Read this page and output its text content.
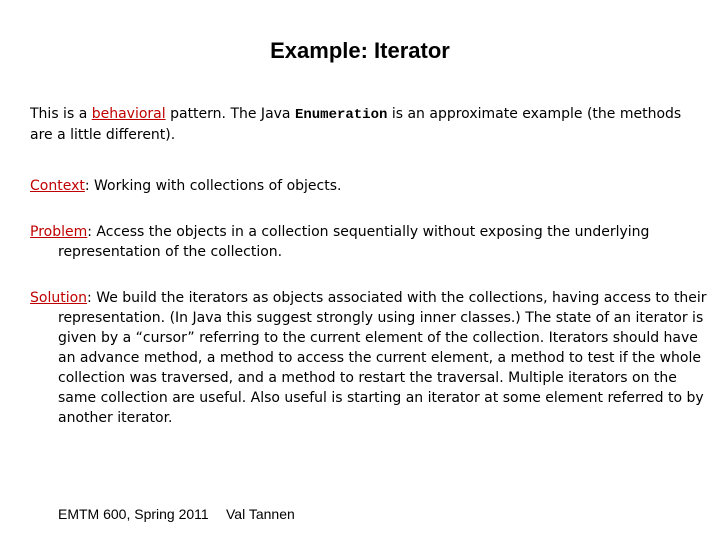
Example: Iterator

This is a behavioral pattern. The Java Enumeration is an approximate example (the methods are a little different).

Context: Working with collections of objects.

Problem: Access the objects in a collection sequentially without exposing the underlying representation of the collection.

Solution: We build the iterators as objects associated with the collections, having access to their representation. (In Java this suggest strongly using inner classes.) The state of an iterator is given by a “cursor” referring to the current element of the collection. Iterators should have an advance method, a method to access the current element, a method to test if the whole collection was traversed, and a method to restart the traversal. Multiple iterators on the same collection are useful. Also useful is starting an iterator at some element referred to by another iterator.

EMTM 600, Spring 2011 Val Tannen
